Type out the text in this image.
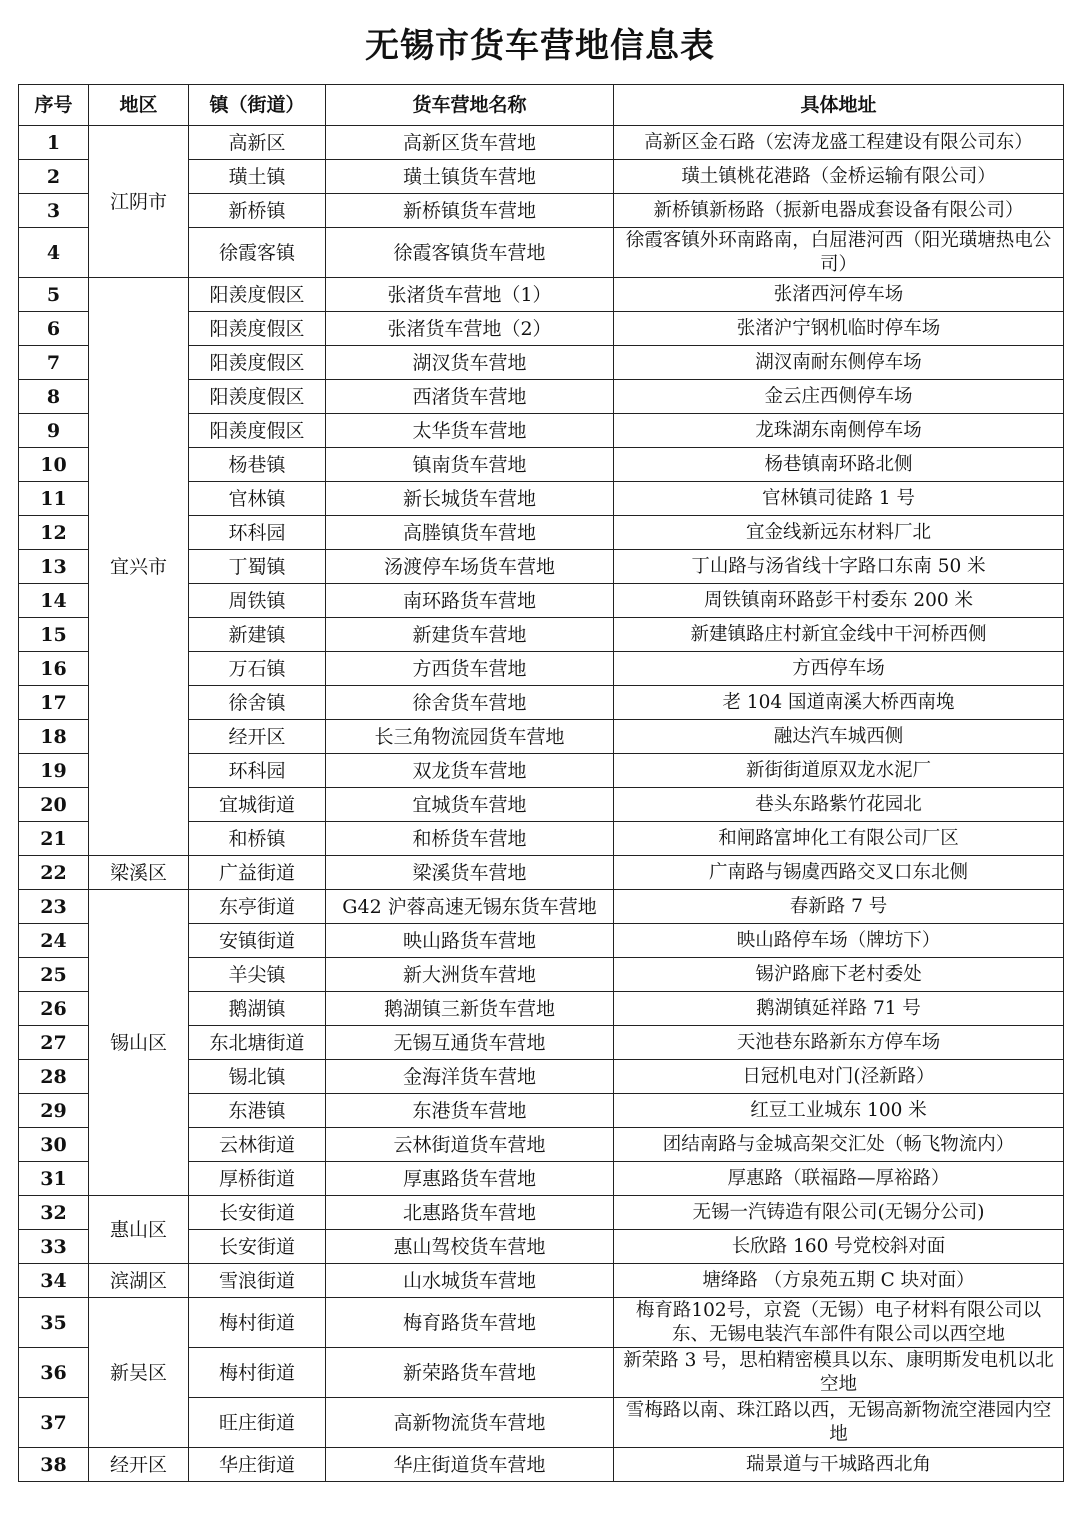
无锡市货车营地信息表
序号	地区	镇（街道）	货车营地名称	具体地址
1	江阴市	高新区	高新区货车营地	高新区金石路（宏涛龙盛工程建设有限公司东）
2		璜土镇	璜土镇货车营地	璜土镇桃花港路（金桥运输有限公司）
3		新桥镇	新桥镇货车营地	新桥镇新杨路（振新电器成套设备有限公司）
4		徐霞客镇	徐霞客镇货车营地	徐霞客镇外环南路南，白屈港河西（阳光璜塘热电公司）
5	宜兴市	阳羡度假区	张渚货车营地（1）	张渚西河停车场
6		阳羡度假区	张渚货车营地（2）	张渚沪宁钢机临时停车场
7		阳羡度假区	湖汊货车营地	湖汊南耐东侧停车场
8		阳羡度假区	西渚货车营地	金云庄西侧停车场
9		阳羡度假区	太华货车营地	龙珠湖东南侧停车场
10		杨巷镇	镇南货车营地	杨巷镇南环路北侧
11		官林镇	新长城货车营地	官林镇司徒路 1 号
12		环科园	高塍镇货车营地	宜金线新远东材料厂北
13		丁蜀镇	汤渡停车场货车营地	丁山路与汤省线十字路口东南 50 米
14		周铁镇	南环路货车营地	周铁镇南环路彭干村委东 200 米
15		新建镇	新建货车营地	新建镇路庄村新宜金线中干河桥西侧
16		万石镇	方西货车营地	方西停车场
17		徐舍镇	徐舍货车营地	老 104 国道南溪大桥西南堍
18		经开区	长三角物流园货车营地	融达汽车城西侧
19		环科园	双龙货车营地	新街街道原双龙水泥厂
20		宜城街道	宜城货车营地	巷头东路紫竹花园北
21		和桥镇	和桥货车营地	和闸路富坤化工有限公司厂区
22	梁溪区	广益街道	梁溪货车营地	广南路与锡虞西路交叉口东北侧
23	锡山区	东亭街道	G42 沪蓉高速无锡东货车营地	春新路 7 号
24		安镇街道	映山路货车营地	映山路停车场（牌坊下）
25		羊尖镇	新大洲货车营地	锡沪路廊下老村委处
26		鹅湖镇	鹅湖镇三新货车营地	鹅湖镇延祥路 71 号
27		东北塘街道	无锡互通货车营地	天池巷东路新东方停车场
28		锡北镇	金海洋货车营地	日冠机电对门(泾新路）
29		东港镇	东港货车营地	红豆工业城东 100 米
30		云林街道	云林街道货车营地	团结南路与金城高架交汇处（畅飞物流内）
31		厚桥街道	厚惠路货车营地	厚惠路（联福路—厚裕路）
32	惠山区	长安街道	北惠路货车营地	无锡一汽铸造有限公司(无锡分公司)
33		长安街道	惠山驾校货车营地	长欣路 160 号党校斜对面
34	滨湖区	雪浪街道	山水城货车营地	塘绛路 （方泉苑五期 C 块对面）
35	新吴区	梅村街道	梅育路货车营地	梅育路102号，京瓷（无锡）电子材料有限公司以东、无锡电装汽车部件有限公司以西空地
36		梅村街道	新荣路货车营地	新荣路 3 号，思柏精密模具以东、康明斯发电机以北空地
37		旺庄街道	高新物流货车营地	雪梅路以南、珠江路以西，无锡高新物流空港园内空地
38	经开区	华庄街道	华庄街道货车营地	瑞景道与干城路西北角
